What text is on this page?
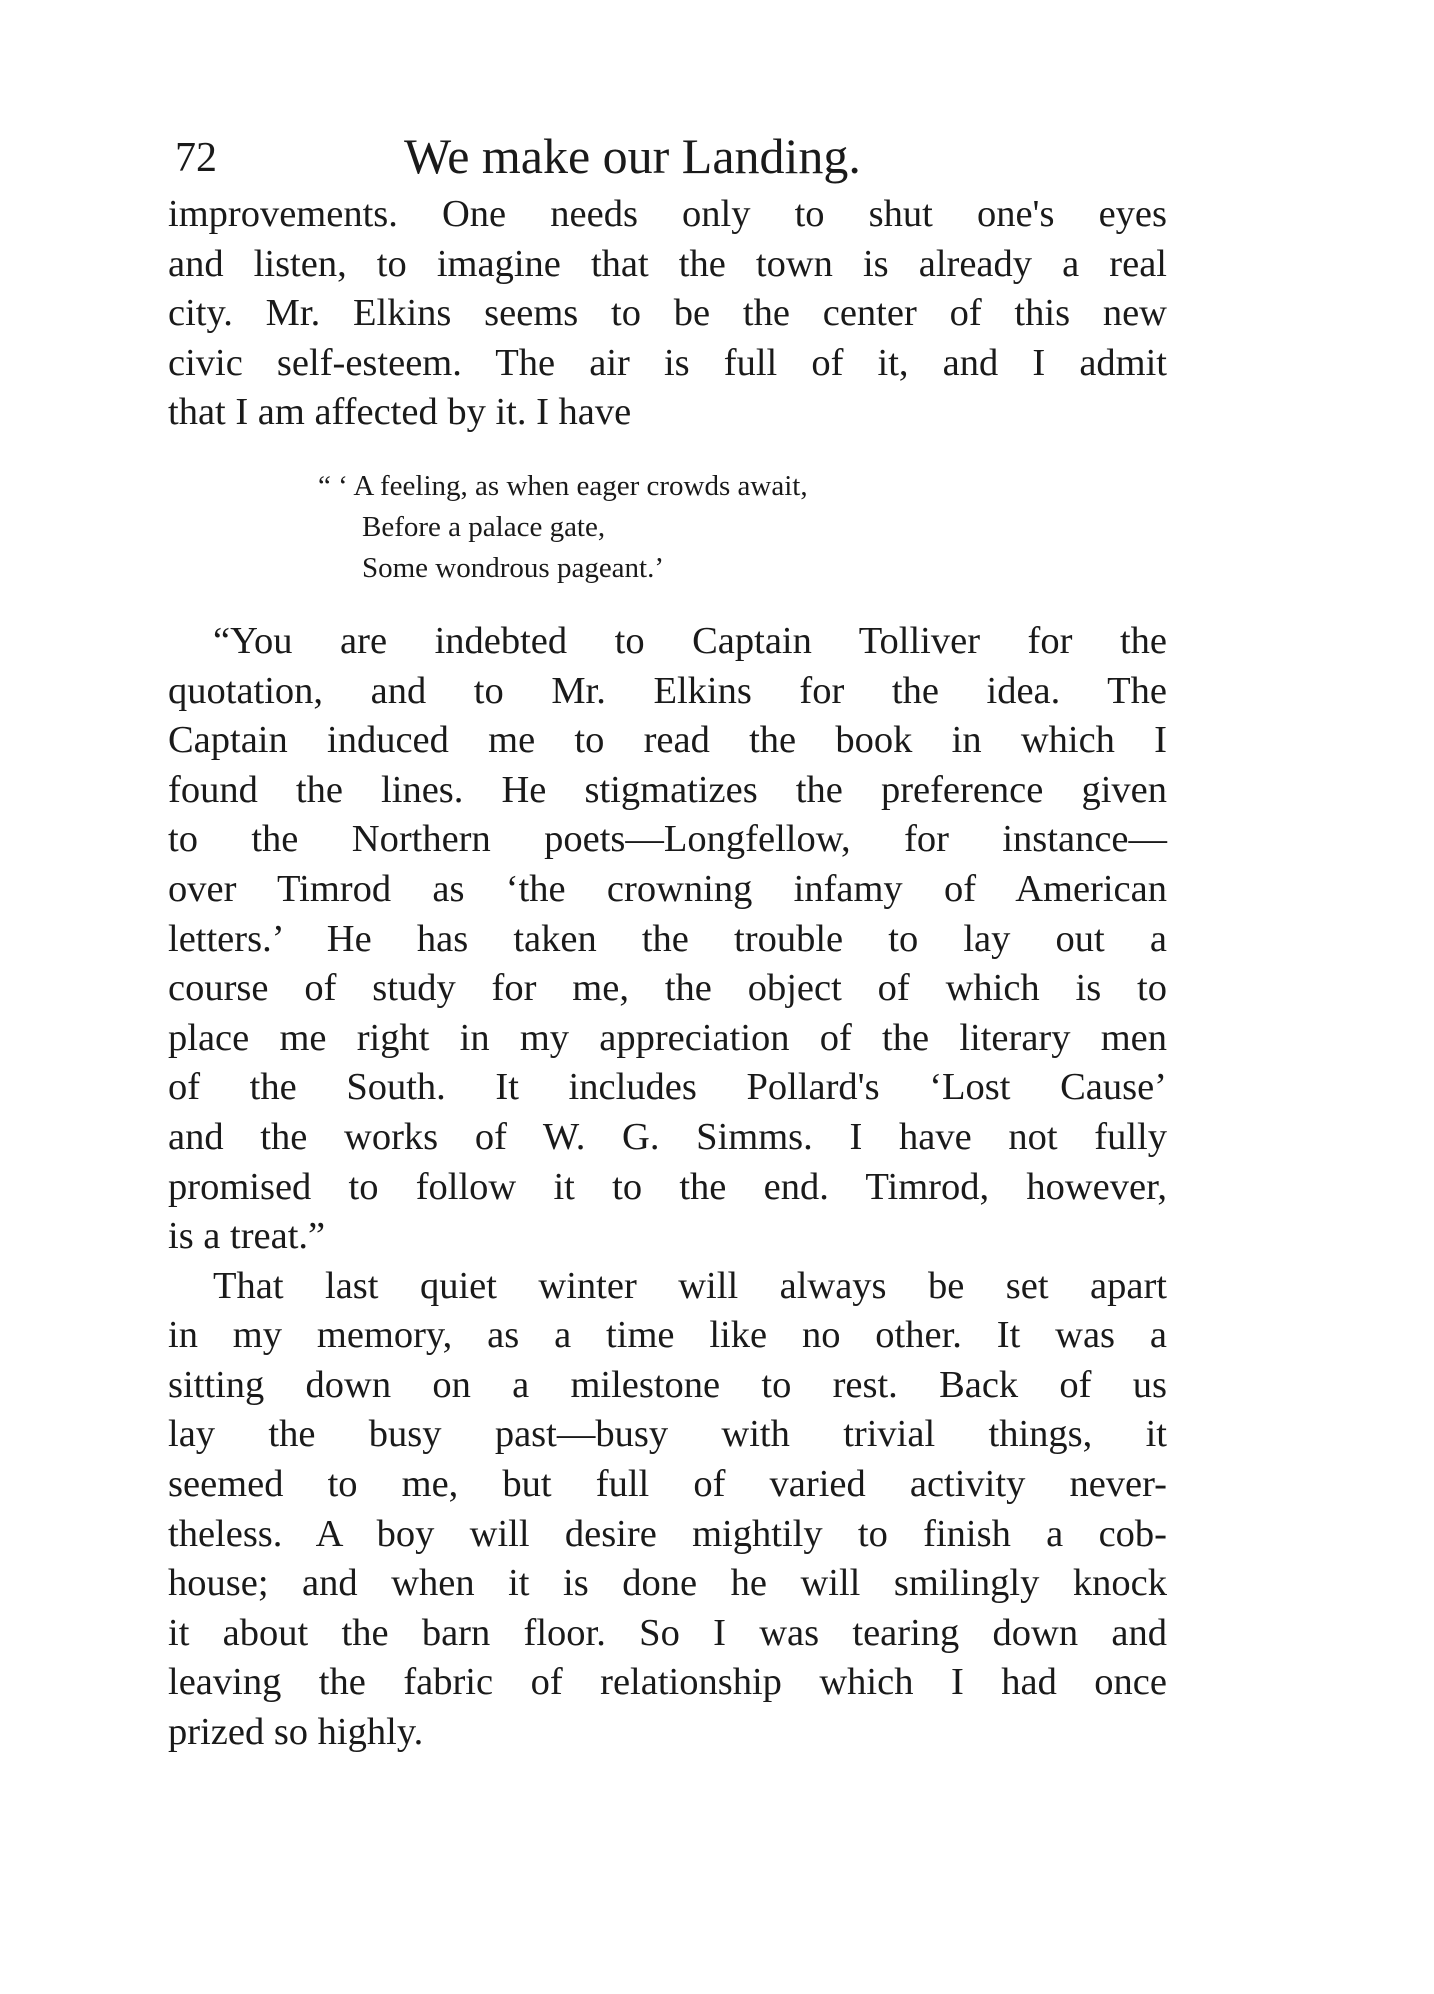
72	We make our Landing.
improvements. One needs only to shut one's eyes
and listen, to imagine that the town is already a real
city. Mr. Elkins seems to be the center of this new
civic self-esteem. The air is full of it, and I admit
that I am affected by it. I have
“ ‘ A feeling, as when eager crowds await,
Before a palace gate,
Some wondrous pageant.’
“You are indebted to Captain Tolliver for the
quotation, and to Mr. Elkins for the idea. The
Captain induced me to read the book in which I
found the lines. He stigmatizes the preference given
to the Northern poets—Longfellow, for instance—
over Timrod as ‘the crowning infamy of American
letters.’ He has taken the trouble to lay out a
course of study for me, the object of which is to
place me right in my appreciation of the literary men
of the South. It includes Pollard's ‘Lost Cause’
and the works of W. G. Simms. I have not fully
promised to follow it to the end. Timrod, however,
is a treat.”
That last quiet winter will always be set apart
in my memory, as a time like no other. It was a
sitting down on a milestone to rest. Back of us
lay the busy past—busy with trivial things, it
seemed to me, but full of varied activity never-
theless. A boy will desire mightily to finish a cob-
house; and when it is done he will smilingly knock
it about the barn floor. So I was tearing down and
leaving the fabric of relationship which I had once
prized so highly.
